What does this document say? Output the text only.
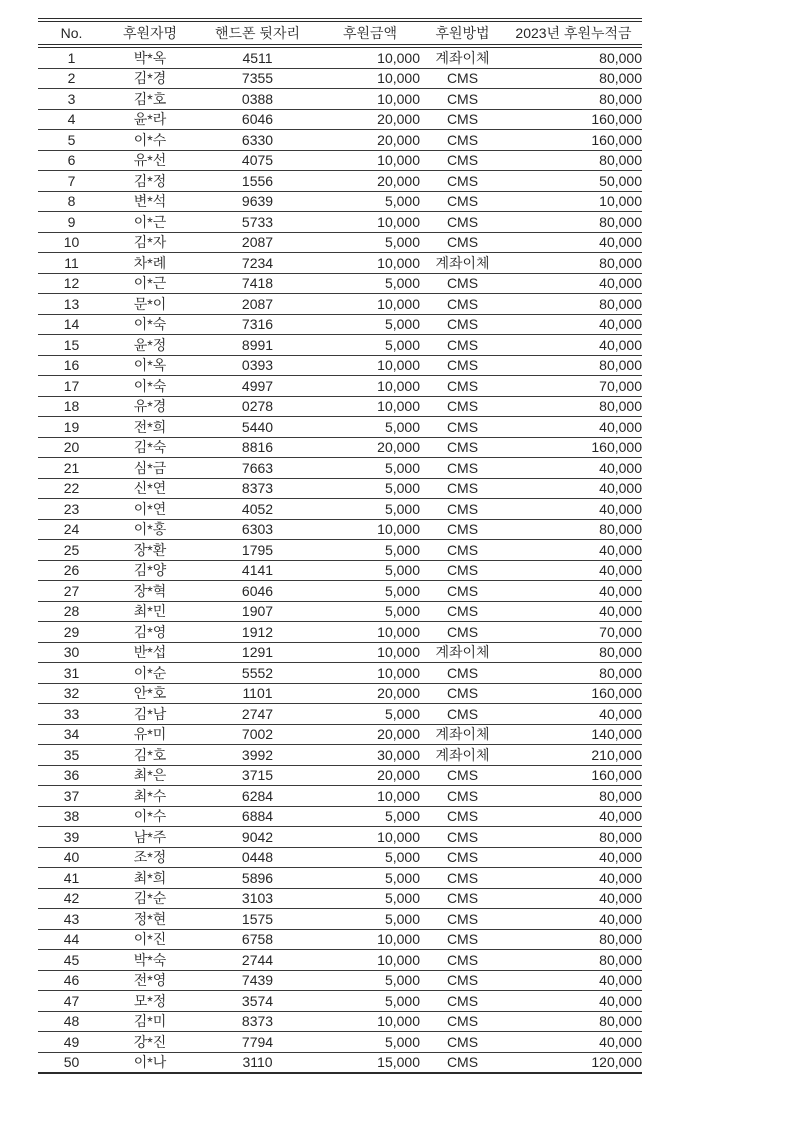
No.	후원자명	핸드폰 뒷자리	후원금액	후원방법	2023년 후원누적금
1	박*옥	4511	10,000	계좌이체	80,000
2	김*경	7355	10,000	CMS	80,000
3	김*호	0388	10,000	CMS	80,000
4	윤*라	6046	20,000	CMS	160,000
5	이*수	6330	20,000	CMS	160,000
6	유*선	4075	10,000	CMS	80,000
7	김*정	1556	20,000	CMS	50,000
8	변*석	9639	5,000	CMS	10,000
9	이*근	5733	10,000	CMS	80,000
10	김*자	2087	5,000	CMS	40,000
11	차*례	7234	10,000	계좌이체	80,000
12	이*근	7418	5,000	CMS	40,000
13	문*이	2087	10,000	CMS	80,000
14	이*숙	7316	5,000	CMS	40,000
15	윤*정	8991	5,000	CMS	40,000
16	이*옥	0393	10,000	CMS	80,000
17	이*숙	4997	10,000	CMS	70,000
18	유*경	0278	10,000	CMS	80,000
19	전*희	5440	5,000	CMS	40,000
20	김*숙	8816	20,000	CMS	160,000
21	심*금	7663	5,000	CMS	40,000
22	신*연	8373	5,000	CMS	40,000
23	이*연	4052	5,000	CMS	40,000
24	이*홍	6303	10,000	CMS	80,000
25	장*환	1795	5,000	CMS	40,000
26	김*양	4141	5,000	CMS	40,000
27	장*혁	6046	5,000	CMS	40,000
28	최*민	1907	5,000	CMS	40,000
29	김*영	1912	10,000	CMS	70,000
30	반*섭	1291	10,000	계좌이체	80,000
31	이*순	5552	10,000	CMS	80,000
32	안*호	1101	20,000	CMS	160,000
33	김*남	2747	5,000	CMS	40,000
34	유*미	7002	20,000	계좌이체	140,000
35	김*호	3992	30,000	계좌이체	210,000
36	최*은	3715	20,000	CMS	160,000
37	최*수	6284	10,000	CMS	80,000
38	이*수	6884	5,000	CMS	40,000
39	남*주	9042	10,000	CMS	80,000
40	조*정	0448	5,000	CMS	40,000
41	최*희	5896	5,000	CMS	40,000
42	김*순	3103	5,000	CMS	40,000
43	정*현	1575	5,000	CMS	40,000
44	이*진	6758	10,000	CMS	80,000
45	박*숙	2744	10,000	CMS	80,000
46	전*영	7439	5,000	CMS	40,000
47	모*정	3574	5,000	CMS	40,000
48	김*미	8373	10,000	CMS	80,000
49	강*진	7794	5,000	CMS	40,000
50	이*나	3110	15,000	CMS	120,000
